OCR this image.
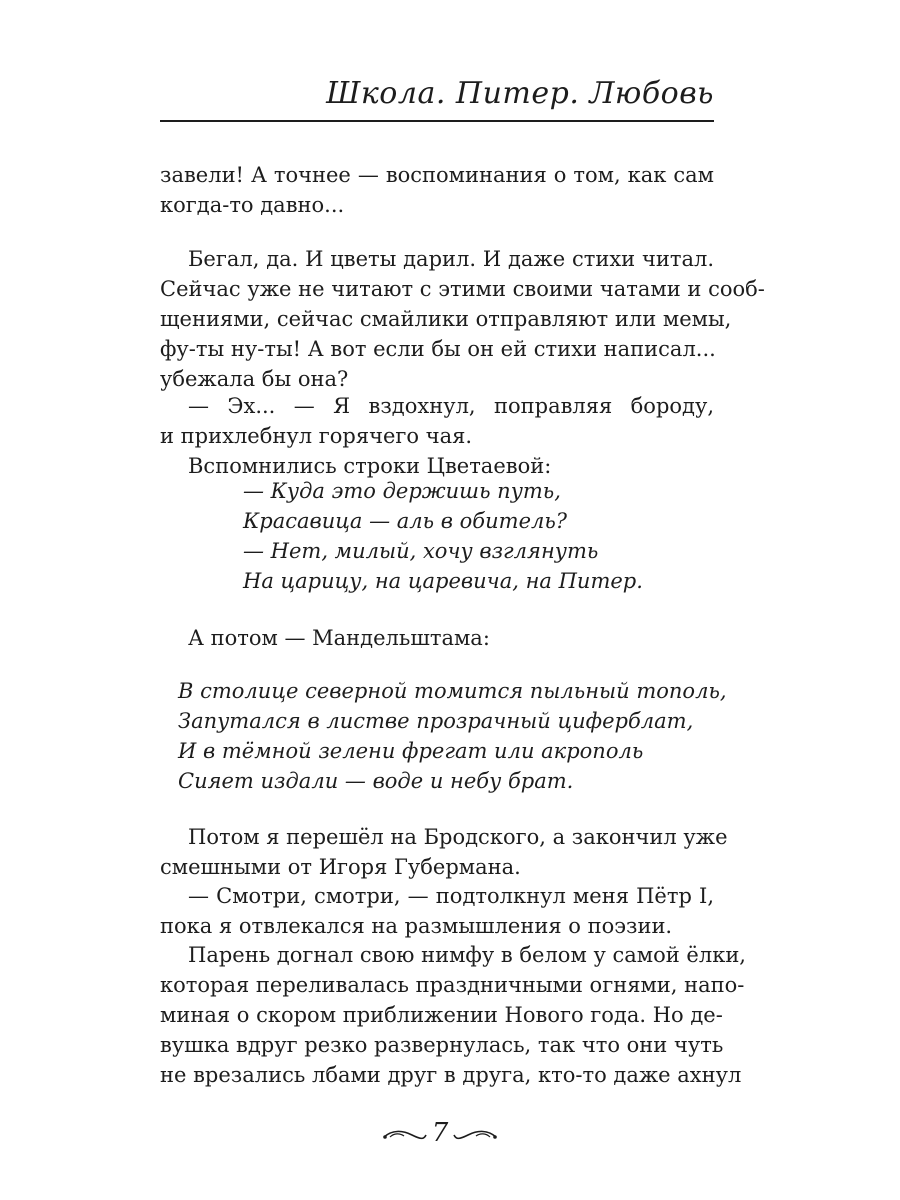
Школа. Питер. Любовь
завели! А точнее — воспоминания о том, как сам
когда-то давно...
Бегал, да. И цветы дарил. И даже стихи читал.
Сейчас уже не читают с этими своими чатами и сооб-
щениями, сейчас смайлики отправляют или мемы,
фу-ты ну-ты! А вот если бы он ей стихи написал...
убежала бы она?
— Эх... — Я вздохнул, поправляя бороду,
и прихлебнул горячего чая.
Вспомнились строки Цветаевой:
— Куда это держишь путь,
Красавица — аль в обитель?
— Нет, милый, хочу взглянуть
На царицу, на царевича, на Питер.
А потом — Мандельштама:
В столице северной томится пыльный тополь,
Запутался в листве прозрачный циферблат,
И в тёмной зелени фрегат или акрополь
Сияет издали — воде и небу брат.
Потом я перешёл на Бродского, а закончил уже
смешными от Игоря Губермана.
— Смотри, смотри, — подтолкнул меня Пётр I,
пока я отвлекался на размышления о поэзии.
Парень догнал свою нимфу в белом у самой ёлки,
которая переливалась праздничными огнями, напо-
миная о скором приближении Нового года. Но де-
вушка вдруг резко развернулась, так что они чуть
не врезались лбами друг в друга, кто-то даже ахнул
7
